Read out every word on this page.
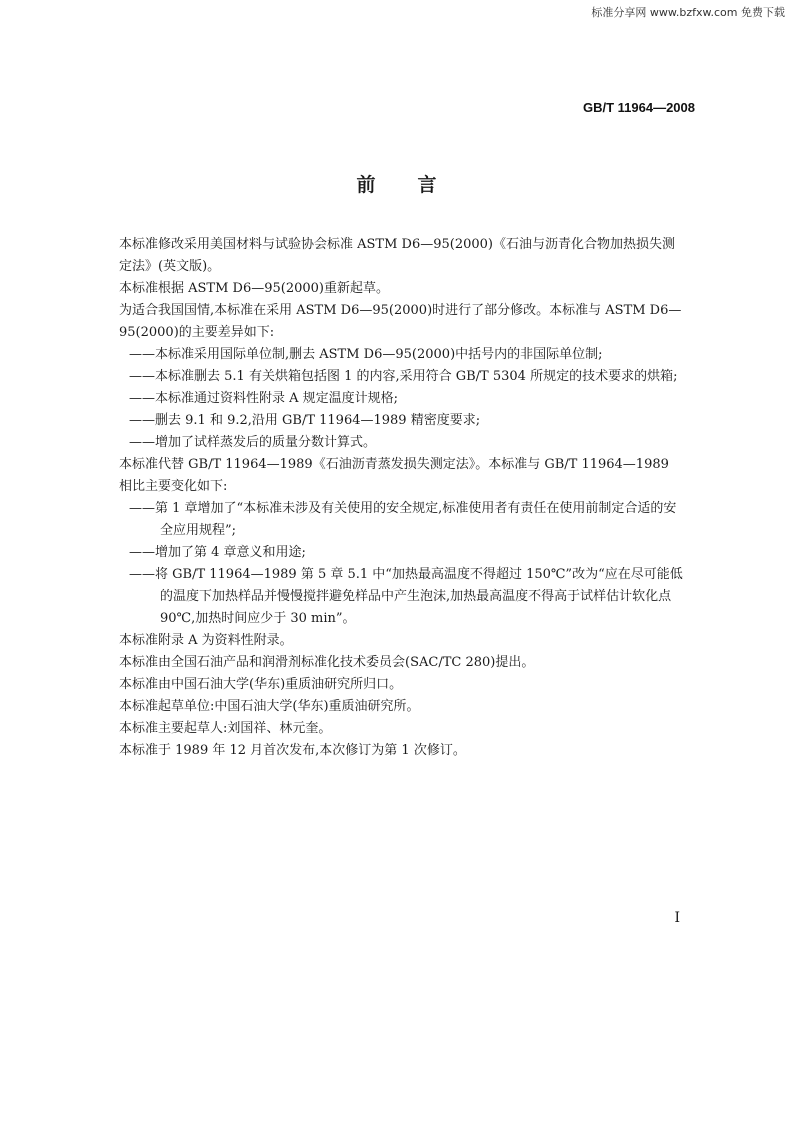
标准分享网 www.bzfxw.com 免费下载
GB/T 11964—2008
前言
本标准修改采用美国材料与试验协会标准 ASTM D6—95(2000)《石油与沥青化合物加热损失测定法》(英文版)。
本标准根据 ASTM D6—95(2000)重新起草。
为适合我国国情,本标准在采用 ASTM D6—95(2000)时进行了部分修改。本标准与 ASTM D6—95(2000)的主要差异如下:
——本标准采用国际单位制,删去 ASTM D6—95(2000)中括号内的非国际单位制;
——本标准删去 5.1 有关烘箱包括图 1 的内容,采用符合 GB/T 5304 所规定的技术要求的烘箱;
——本标准通过资料性附录 A 规定温度计规格;
——删去 9.1 和 9.2,沿用 GB/T 11964—1989 精密度要求;
——增加了试样蒸发后的质量分数计算式。
本标准代替 GB/T 11964—1989《石油沥青蒸发损失测定法》。本标准与 GB/T 11964—1989 相比主要变化如下:
——第 1 章增加了“本标准未涉及有关使用的安全规定,标准使用者有责任在使用前制定合适的安全应用规程”;
——增加了第 4 章意义和用途;
——将 GB/T 11964—1989 第 5 章 5.1 中“加热最高温度不得超过 150℃”改为“应在尽可能低的温度下加热样品并慢慢搅拌避免样品中产生泡沫,加热最高温度不得高于试样估计软化点 90℃,加热时间应少于 30 min”。
本标准附录 A 为资料性附录。
本标准由全国石油产品和润滑剂标准化技术委员会(SAC/TC 280)提出。
本标准由中国石油大学(华东)重质油研究所归口。
本标准起草单位:中国石油大学(华东)重质油研究所。
本标准主要起草人:刘国祥、林元奎。
本标准于 1989 年 12 月首次发布,本次修订为第 1 次修订。
I
